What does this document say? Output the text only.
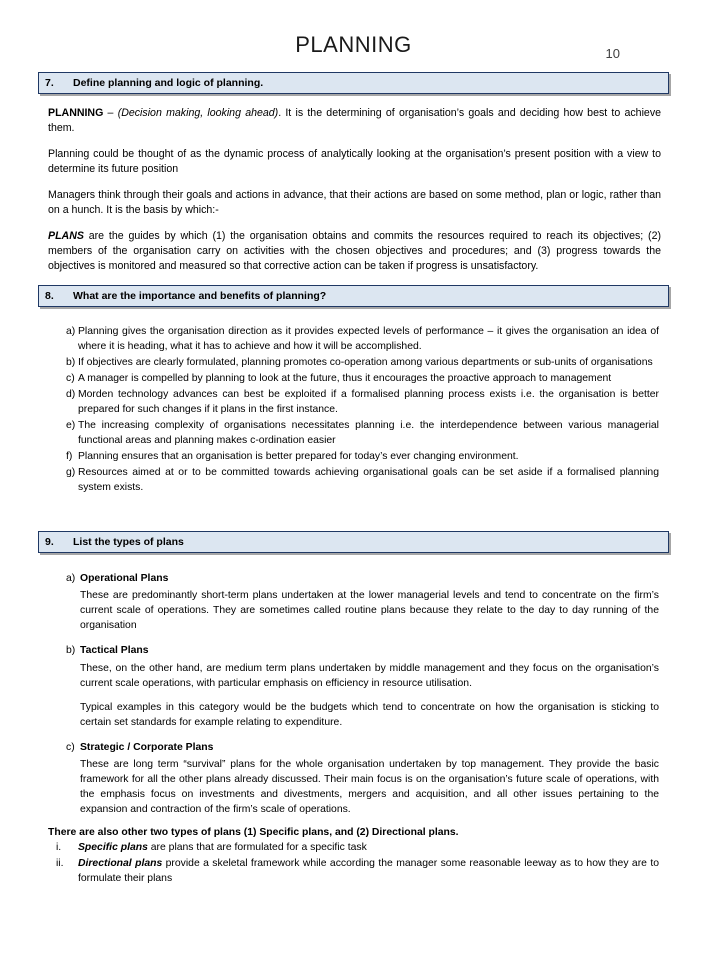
10
PLANNING
7.	Define planning and logic of planning.

PLANNING – (Decision making, looking ahead). It is the determining of organisation’s goals and deciding how best to achieve them.

Planning could be thought of as the dynamic process of analytically looking at the organisation’s present position with a view to determine its future position

Managers think through their goals and actions in advance, that their actions are based on some method, plan or logic, rather than on a hunch. It is the basis by which:-

PLANS are the guides by which (1) the organisation obtains and commits the resources required to reach its objectives; (2) members of the organisation carry on activities with the chosen objectives and procedures; and (3) progress towards the objectives is monitored and measured so that corrective action can be taken if progress is unsatisfactory.

8.	What are the importance and benefits of planning?
a) Planning gives the organisation direction as it provides expected levels of performance – it gives the organisation an idea of where it is heading, what it has to achieve and how it will be accomplished.
b) If objectives are clearly formulated, planning promotes co-operation among various departments or sub-units of organisations
c) A manager is compelled by planning to look at the future, thus it encourages the proactive approach to management
d) Morden technology advances can best be exploited if a formalised planning process exists i.e. the organisation is better prepared for such changes if it plans in the first instance.
e) The increasing complexity of organisations necessitates planning i.e. the interdependence between various managerial functional areas and planning makes c-ordination easier
f) Planning ensures that an organisation is better prepared for today’s ever changing environment.
g) Resources aimed at or to be committed towards achieving organisational goals can be set aside if a formalised planning system exists.
9.	List the types of plans
a) Operational Plans
These are predominantly short-term plans undertaken at the lower managerial levels and tend to concentrate on the firm’s current scale of operations. They are sometimes called routine plans because they relate to the day to day running of the organisation
b) Tactical Plans
These, on the other hand, are medium term plans undertaken by middle management and they focus on the organisation’s current scale operations, with particular emphasis on efficiency in resource utilisation.
Typical examples in this category would be the budgets which tend to concentrate on how the organisation is sticking to certain set standards for example relating to expenditure.
c) Strategic / Corporate Plans
These are long term “survival” plans for the whole organisation undertaken by top management. They provide the basic framework for all the other plans already discussed. Their main focus is on the organisation’s future scale of operations, with the emphasis focus on investments and divestments, mergers and acquisition, and all other issues pertaining to the expansion and contraction of the firm’s scale of operations.
There are also other two types of plans (1) Specific plans, and (2) Directional plans.
i.	Specific plans are plans that are formulated for a specific task
ii.	Directional plans provide a skeletal framework while according the manager some reasonable leeway as to how they are to formulate their plans
